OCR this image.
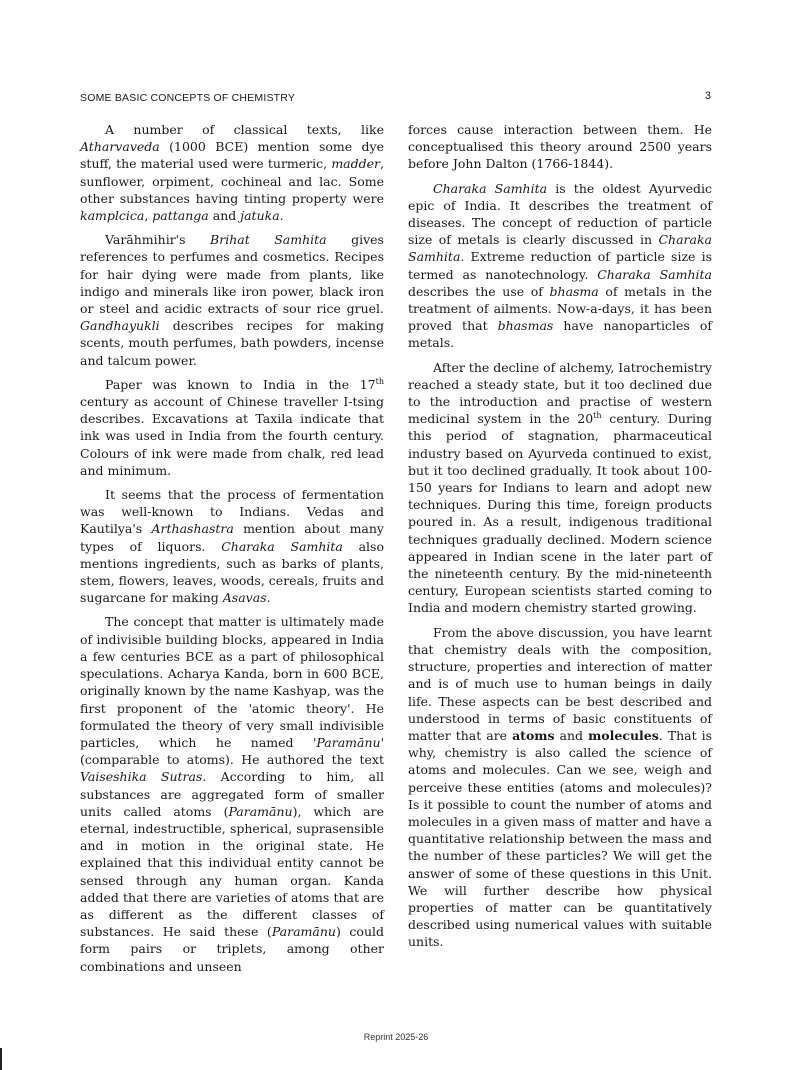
SOME BASIC CONCEPTS OF CHEMISTRY	3

A number of classical texts, like Atharvaveda (1000 BCE) mention some dye stuff, the material used were turmeric, madder, sunflower, orpiment, cochineal and lac. Some other substances having tinting property were kamplcica, pattanga and jatuka.

Varāhmihir's Brihat Samhita gives references to perfumes and cosmetics. Recipes for hair dying were made from plants, like indigo and minerals like iron power, black iron or steel and acidic extracts of sour rice gruel. Gandhayukli describes recipes for making scents, mouth perfumes, bath powders, incense and talcum power.

Paper was known to India in the 17th century as account of Chinese traveller I-tsing describes. Excavations at Taxila indicate that ink was used in India from the fourth century. Colours of ink were made from chalk, red lead and minimum.

It seems that the process of fermentation was well-known to Indians. Vedas and Kautilya's Arthashastra mention about many types of liquors. Charaka Samhita also mentions ingredients, such as barks of plants, stem, flowers, leaves, woods, cereals, fruits and sugarcane for making Asavas.

The concept that matter is ultimately made of indivisible building blocks, appeared in India a few centuries BCE as a part of philosophical speculations. Acharya Kanda, born in 600 BCE, originally known by the name Kashyap, was the first proponent of the 'atomic theory'. He formulated the theory of very small indivisible particles, which he named 'Paramānu' (comparable to atoms). He authored the text Vaiseshika Sutras. According to him, all substances are aggregated form of smaller units called atoms (Paramānu), which are eternal, indestructible, spherical, suprasensible and in motion in the original state. He explained that this individual entity cannot be sensed through any human organ. Kanda added that there are varieties of atoms that are as different as the different classes of substances. He said these (Paramānu) could form pairs or triplets, among other combinations and unseen

forces cause interaction between them. He conceptualised this theory around 2500 years before John Dalton (1766-1844).

Charaka Samhita is the oldest Ayurvedic epic of India. It describes the treatment of diseases. The concept of reduction of particle size of metals is clearly discussed in Charaka Samhita. Extreme reduction of particle size is termed as nanotechnology. Charaka Samhita describes the use of bhasma of metals in the treatment of ailments. Now-a-days, it has been proved that bhasmas have nanoparticles of metals.

After the decline of alchemy, Iatrochemistry reached a steady state, but it too declined due to the introduction and practise of western medicinal system in the 20th century. During this period of stagnation, pharmaceutical industry based on Ayurveda continued to exist, but it too declined gradually. It took about 100-150 years for Indians to learn and adopt new techniques. During this time, foreign products poured in. As a result, indigenous traditional techniques gradually declined. Modern science appeared in Indian scene in the later part of the nineteenth century. By the mid-nineteenth century, European scientists started coming to India and modern chemistry started growing.

From the above discussion, you have learnt that chemistry deals with the composition, structure, properties and interection of matter and is of much use to human beings in daily life. These aspects can be best described and understood in terms of basic constituents of matter that are atoms and molecules. That is why, chemistry is also called the science of atoms and molecules. Can we see, weigh and perceive these entities (atoms and molecules)? Is it possible to count the number of atoms and molecules in a given mass of matter and have a quantitative relationship between the mass and the number of these particles? We will get the answer of some of these questions in this Unit. We will further describe how physical properties of matter can be quantitatively described using numerical values with suitable units.

Reprint 2025-26
